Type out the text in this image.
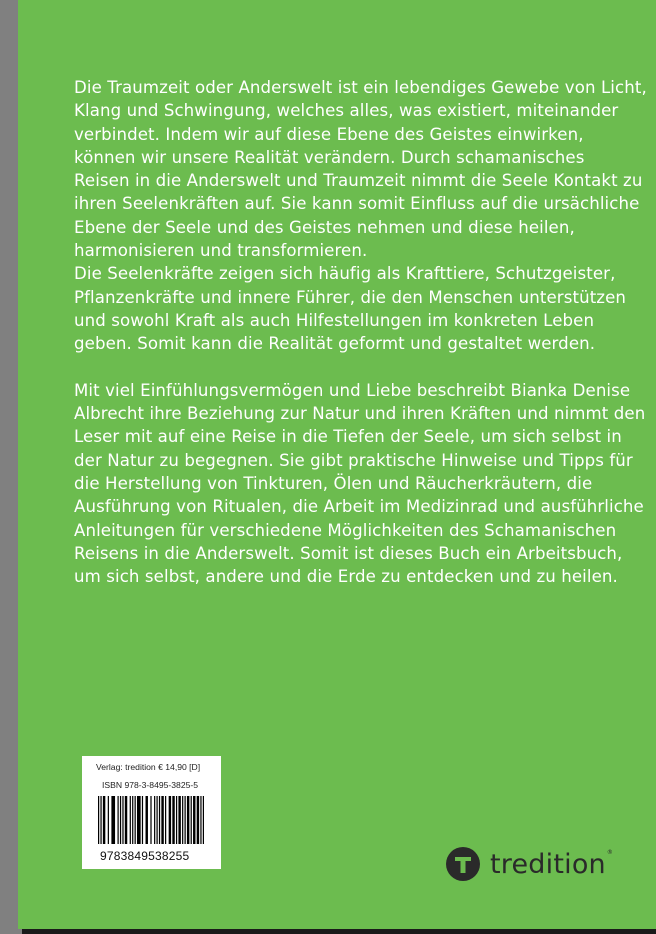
Die Traumzeit oder Anderswelt ist ein lebendiges Gewebe von Licht,
Klang und Schwingung, welches alles, was existiert, miteinander
verbindet. Indem wir auf diese Ebene des Geistes einwirken,
können wir unsere Realität verändern. Durch schamanisches
Reisen in die Anderswelt und Traumzeit nimmt die Seele Kontakt zu
ihren Seelenkräften auf. Sie kann somit Einfluss auf die ursächliche
Ebene der Seele und des Geistes nehmen und diese heilen,
harmonisieren und transformieren.
Die Seelenkräfte zeigen sich häufig als Krafttiere, Schutzgeister,
Pflanzenkräfte und innere Führer, die den Menschen unterstützen
und sowohl Kraft als auch Hilfestellungen im konkreten Leben
geben. Somit kann die Realität geformt und gestaltet werden.
Mit viel Einfühlungsvermögen und Liebe beschreibt Bianka Denise
Albrecht ihre Beziehung zur Natur und ihren Kräften und nimmt den
Leser mit auf eine Reise in die Tiefen der Seele, um sich selbst in
der Natur zu begegnen. Sie gibt praktische Hinweise und Tipps für
die Herstellung von Tinkturen, Ölen und Räucherkräutern, die
Ausführung von Ritualen, die Arbeit im Medizinrad und ausführliche
Anleitungen für verschiedene Möglichkeiten des Schamanischen
Reisens in die Anderswelt. Somit ist dieses Buch ein Arbeitsbuch,
um sich selbst, andere und die Erde zu entdecken und zu heilen.
Verlag: tredition € 14,90 [D]
ISBN 978-3-8495-3825-5
9783849538255	tredition ®
